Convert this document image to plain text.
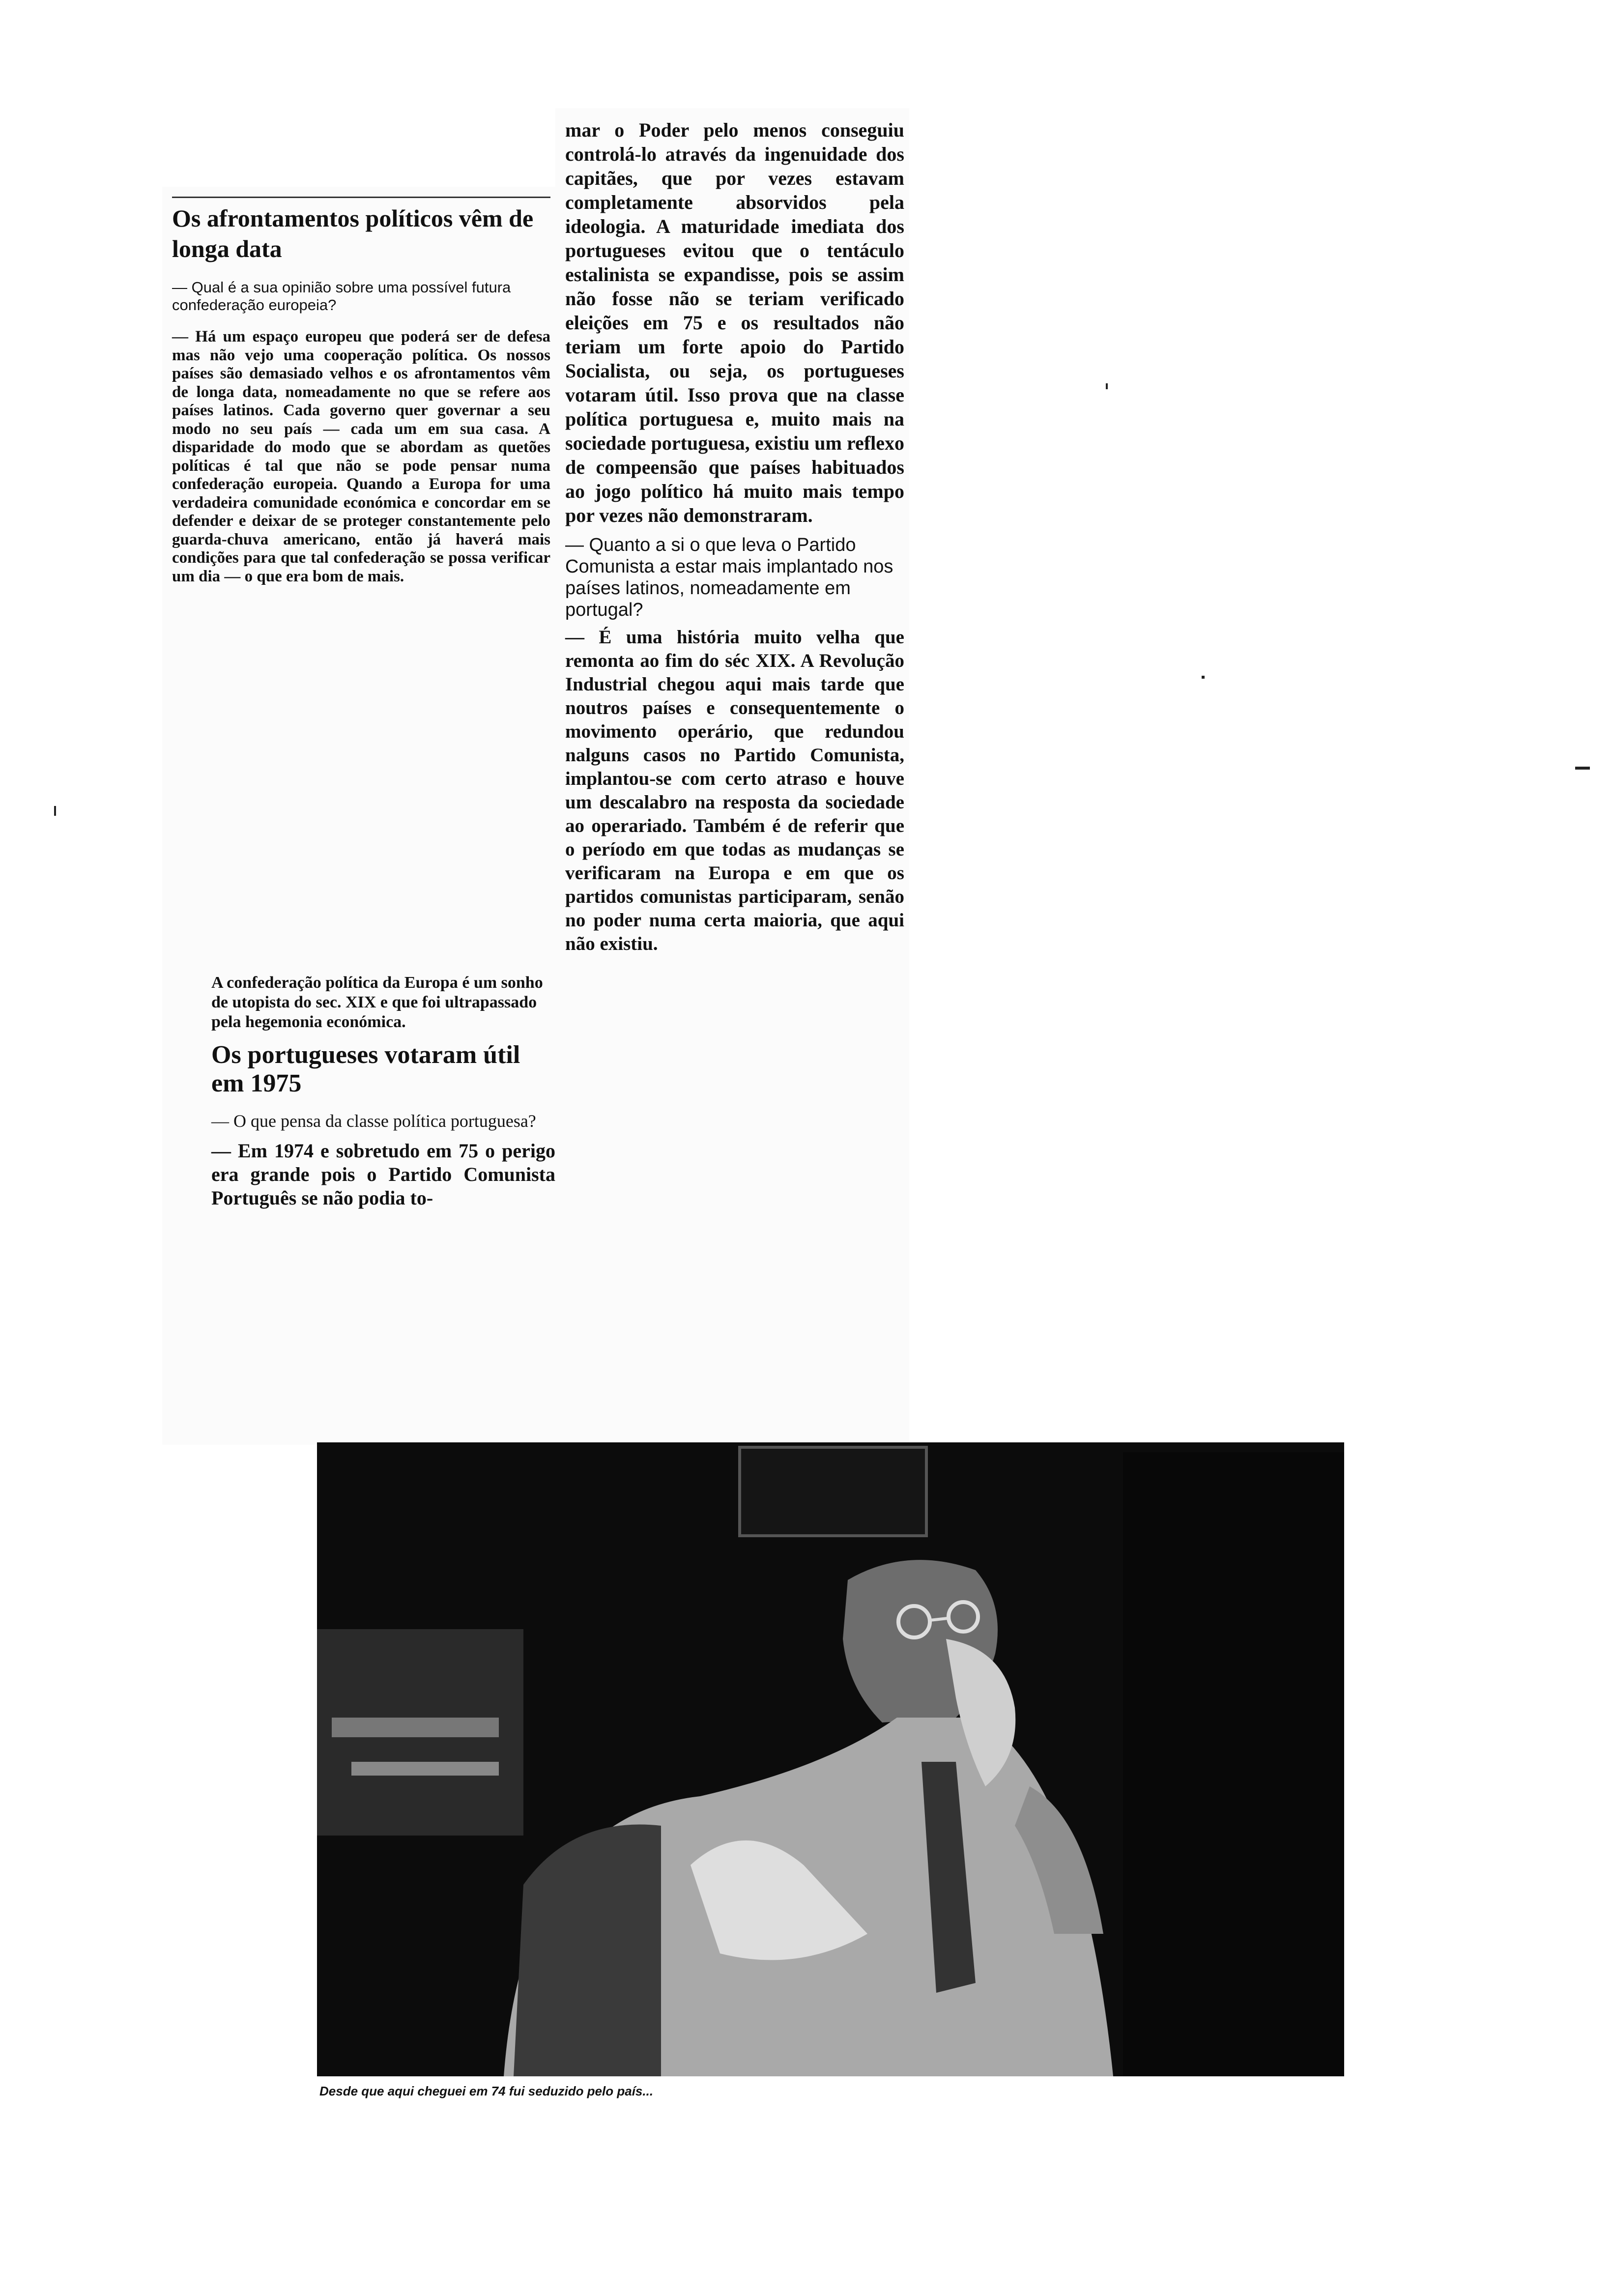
Os afrontamentos políticos vêm de longa data

— Qual é a sua opinião sobre uma possível futura confederação europeia?

— Há um espaço europeu que poderá ser de defesa mas não vejo uma cooperação política. Os nossos países são demasiado velhos e os afrontamentos vêm de longa data, nomeadamente no que se refere aos países latinos. Cada governo quer governar a seu modo no seu país — cada um em sua casa. A disparidade do modo que se abordam as quetões políticas é tal que não se pode pensar numa confederação europeia. Quando a Europa for uma verdadeira comunidade económica e concordar em se defender e deixar de se proteger constantemente pelo guarda-chuva americano, então já haverá mais condições para que tal confederação se possa verificar um dia — o que era bom de mais.

A confederação política da Europa é um sonho de utopista do sec. XIX e que foi ultrapassado pela hegemonia económica.

Os portugueses votaram útil em 1975

— O que pensa da classe política portuguesa?

— Em 1974 e sobretudo em 75 o perigo era grande pois o Partido Comunista Português se não podia to-

mar o Poder pelo menos conseguiu controlá-lo através da ingenuidade dos capitães, que por vezes estavam completamente absorvidos pela ideologia. A maturidade imediata dos portugueses evitou que o tentáculo estalinista se expandisse, pois se assim não fosse não se teriam verificado eleições em 75 e os resultados não teriam um forte apoio do Partido Socialista, ou seja, os portugueses votaram útil. Isso prova que na classe política portuguesa e, muito mais na sociedade portuguesa, existiu um reflexo de compeensão que países habituados ao jogo político há muito mais tempo por vezes não demonstraram.

— Quanto a si o que leva o Partido Comunista a estar mais implantado nos países latinos, nomeadamente em portugal?

— É uma história muito velha que remonta ao fim do séc XIX. A Revolução Industrial chegou aqui mais tarde que noutros países e consequentemente o movimento operário, que redundou nalguns casos no Partido Comunista, implantou-se com certo atraso e houve um descalabro na resposta da sociedade ao operariado. Também é de referir que o período em que todas as mudanças se verificaram na Europa e em que os partidos comunistas participaram, senão no poder numa certa maioria, que aqui não existiu.

Desde que aqui cheguei em 74 fui seduzido pelo país...
